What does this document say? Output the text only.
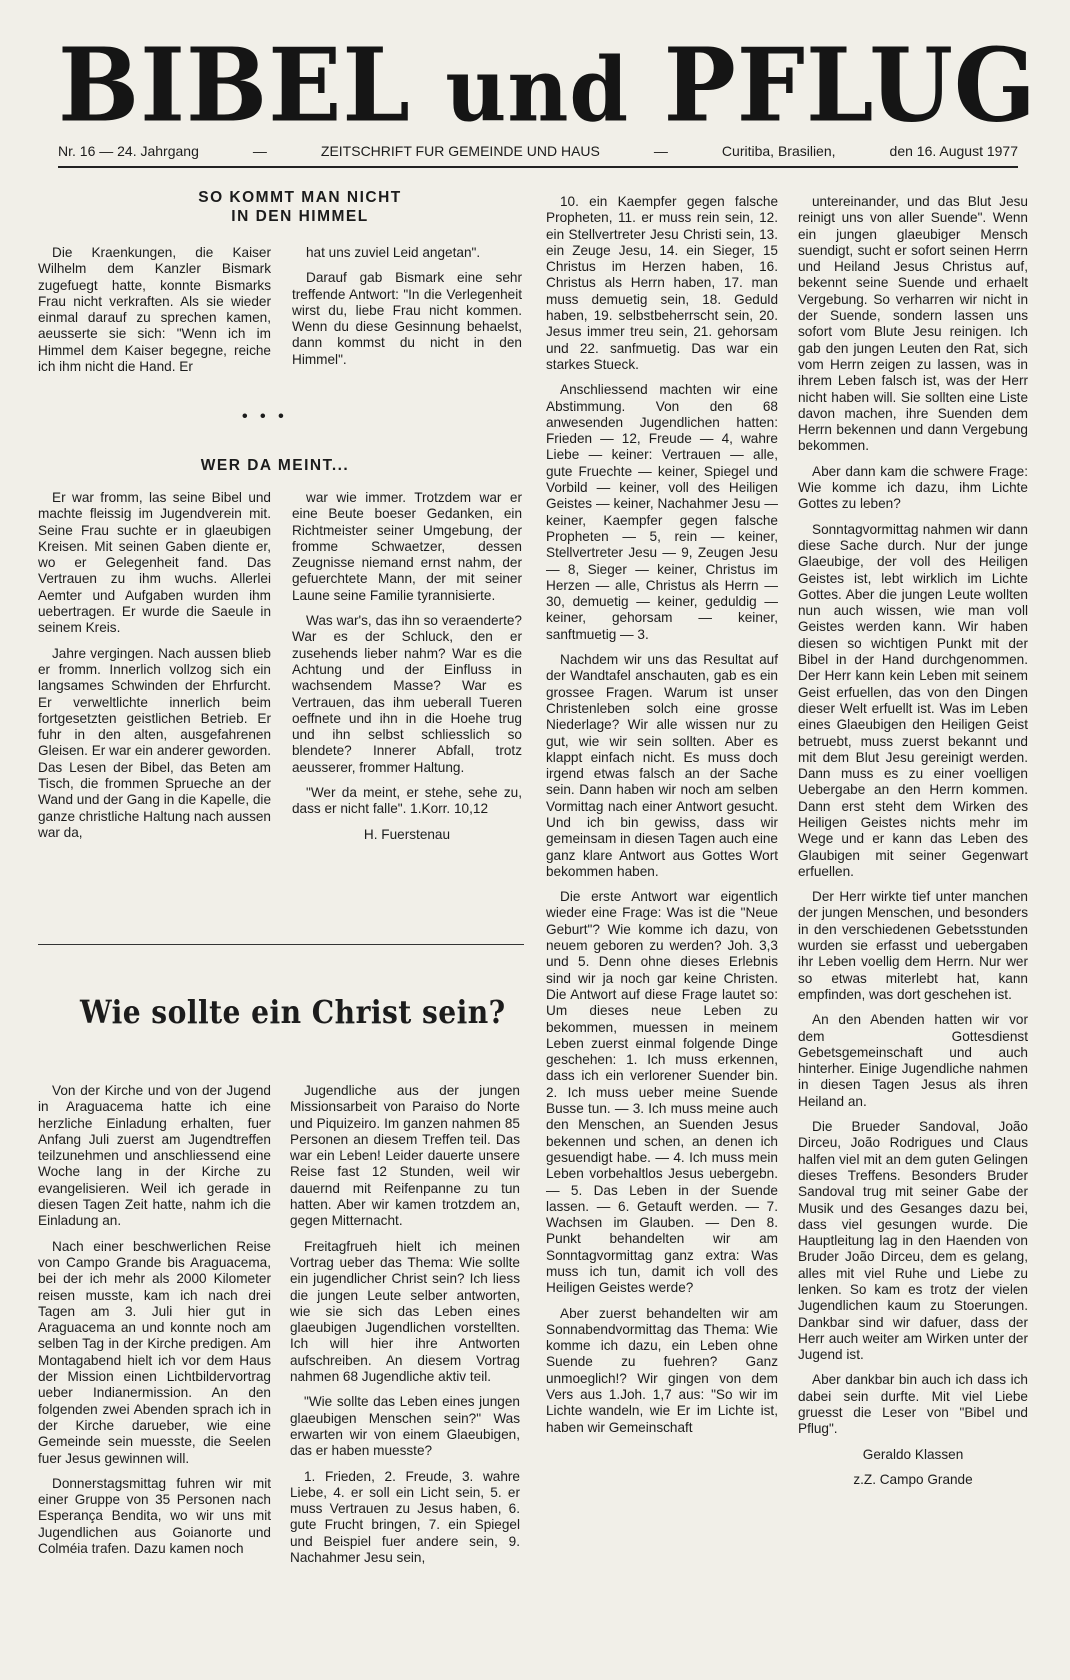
BIBEL und PFLUG
Nr. 16 — 24. Jahrgang	—	ZEITSCHRIFT FUR GEMEINDE UND HAUS	—	Curitiba, Brasilien,	den 16. August 1977
SO KOMMT MAN NICHT
IN DEN HIMMEL

Die Kraenkungen, die Kaiser Wilhelm dem Kanzler Bismark zugefuegt hatte, konnte Bismarks Frau nicht verkraften. Als sie wieder einmal darauf zu sprechen kamen, aeusserte sie sich: "Wenn ich im Himmel dem Kaiser begegne, reiche ich ihm nicht die Hand. Er

hat uns zuviel Leid angetan".

Darauf gab Bismark eine sehr treffende Antwort: "In die Verlegenheit wirst du, liebe Frau nicht kommen. Wenn du diese Gesinnung behaelst, dann kommst du nicht in den Himmel".

• • •
WER DA MEINT...

Er war fromm, las seine Bibel und machte fleissig im Jugendverein mit. Seine Frau suchte er in glaeubigen Kreisen. Mit seinen Gaben diente er, wo er Gelegenheit fand. Das Vertrauen zu ihm wuchs. Allerlei Aemter und Aufgaben wurden ihm uebertragen. Er wurde die Saeule in seinem Kreis.

Jahre vergingen. Nach aussen blieb er fromm. Innerlich vollzog sich ein langsames Schwinden der Ehrfurcht. Er verweltlichte innerlich beim fortgesetzten geistlichen Betrieb. Er fuhr in den alten, ausgefahrenen Gleisen. Er war ein anderer geworden. Das Lesen der Bibel, das Beten am Tisch, die frommen Sprueche an der Wand und der Gang in die Kapelle, die ganze christliche Haltung nach aussen war da,

war wie immer. Trotzdem war er eine Beute boeser Gedanken, ein Richtmeister seiner Umgebung, der fromme Schwaetzer, dessen Zeugnisse niemand ernst nahm, der gefuerchtete Mann, der mit seiner Laune seine Familie tyrannisierte.

Was war's, das ihn so veraenderte? War es der Schluck, den er zusehends lieber nahm? War es die Achtung und der Einfluss in wachsendem Masse? War es Vertrauen, das ihm ueberall Tueren oeffnete und ihn in die Hoehe trug und ihn selbst schliesslich so blendete? Innerer Abfall, trotz aeusserer, frommer Haltung.

"Wer da meint, er stehe, sehe zu, dass er nicht falle". 1.Korr. 10,12

H. Fuerstenau

Wie sollte ein Christ sein?

Von der Kirche und von der Jugend in Araguacema hatte ich eine herzliche Einladung erhalten, fuer Anfang Juli zuerst am Jugendtreffen teilzunehmen und anschliessend eine Woche lang in der Kirche zu evangelisieren. Weil ich gerade in diesen Tagen Zeit hatte, nahm ich die Einladung an.

Nach einer beschwerlichen Reise von Campo Grande bis Araguacema, bei der ich mehr als 2000 Kilometer reisen musste, kam ich nach drei Tagen am 3. Juli hier gut in Araguacema an und konnte noch am selben Tag in der Kirche predigen. Am Montagabend hielt ich vor dem Haus der Mission einen Lichtbildervortrag ueber Indianermission. An den folgenden zwei Abenden sprach ich in der Kirche darueber, wie eine Gemeinde sein muesste, die Seelen fuer Jesus gewinnen will.

Donnerstagsmittag fuhren wir mit einer Gruppe von 35 Personen nach Esperança Bendita, wo wir uns mit Jugendlichen aus Goianorte und Colméia trafen. Dazu kamen noch

Jugendliche aus der jungen Missionsarbeit von Paraiso do Norte und Piquizeiro. Im ganzen nahmen 85 Personen an diesem Treffen teil. Das war ein Leben! Leider dauerte unsere Reise fast 12 Stunden, weil wir dauernd mit Reifenpanne zu tun hatten. Aber wir kamen trotzdem an, gegen Mitternacht.

Freitagfrueh hielt ich meinen Vortrag ueber das Thema: Wie sollte ein jugendlicher Christ sein? Ich liess die jungen Leute selber antworten, wie sie sich das Leben eines glaeubigen Jugendlichen vorstellten. Ich will hier ihre Antworten aufschreiben. An diesem Vortrag nahmen 68 Jugendliche aktiv teil.

"Wie sollte das Leben eines jungen glaeubigen Menschen sein?" Was erwarten wir von einem Glaeubigen, das er haben muesste?

1. Frieden, 2. Freude, 3. wahre Liebe, 4. er soll ein Licht sein, 5. er muss Vertrauen zu Jesus haben, 6. gute Frucht bringen, 7. ein Spiegel und Beispiel fuer andere sein, 9. Nachahmer Jesu sein,

10. ein Kaempfer gegen falsche Propheten, 11. er muss rein sein, 12. ein Stellvertreter Jesu Christi sein, 13. ein Zeuge Jesu, 14. ein Sieger, 15 Christus im Herzen haben, 16. Christus als Herrn haben, 17. man muss demuetig sein, 18. Geduld haben, 19. selbstbeherrscht sein, 20. Jesus immer treu sein, 21. gehorsam und 22. sanfmuetig. Das war ein starkes Stueck.

Anschliessend machten wir eine Abstimmung. Von den 68 anwesenden Jugendlichen hatten: Frieden — 12, Freude — 4, wahre Liebe — keiner: Vertrauen — alle, gute Fruechte — keiner, Spiegel und Vorbild — keiner, voll des Heiligen Geistes — keiner, Nachahmer Jesu — keiner, Kaempfer gegen falsche Propheten — 5, rein — keiner, Stellvertreter Jesu — 9, Zeugen Jesu — 8, Sieger — keiner, Christus im Herzen — alle, Christus als Herrn — 30, demuetig — keiner, geduldig — keiner, gehorsam — keiner, sanftmuetig — 3.

Nachdem wir uns das Resultat auf der Wandtafel anschauten, gab es ein grossee Fragen. Warum ist unser Christenleben solch eine grosse Niederlage? Wir alle wissen nur zu gut, wie wir sein sollten. Aber es klappt einfach nicht. Es muss doch irgend etwas falsch an der Sache sein. Dann haben wir noch am selben Vormittag nach einer Antwort gesucht. Und ich bin gewiss, dass wir gemeinsam in diesen Tagen auch eine ganz klare Antwort aus Gottes Wort bekommen haben.

Die erste Antwort war eigentlich wieder eine Frage: Was ist die "Neue Geburt"? Wie komme ich dazu, von neuem geboren zu werden? Joh. 3,3 und 5. Denn ohne dieses Erlebnis sind wir ja noch gar keine Christen. Die Antwort auf diese Frage lautet so: Um dieses neue Leben zu bekommen, muessen in meinem Leben zuerst einmal folgende Dinge geschehen: 1. Ich muss erkennen, dass ich ein verlorener Suender bin. 2. Ich muss ueber meine Suende Busse tun. — 3. Ich muss meine auch den Menschen, an Suenden Jesus bekennen und schen, an denen ich gesuendigt habe. — 4. Ich muss mein Leben vorbehaltlos Jesus uebergebn. — 5. Das Leben in der Suende lassen. — 6. Getauft werden. — 7. Wachsen im Glauben. — Den 8. Punkt behandelten wir am Sonntagvormittag ganz extra: Was muss ich tun, damit ich voll des Heiligen Geistes werde?

Aber zuerst behandelten wir am Sonnabendvormittag das Thema: Wie komme ich dazu, ein Leben ohne Suende zu fuehren? Ganz unmoeglich!? Wir gingen von dem Vers aus 1.Joh. 1,7 aus: "So wir im Lichte wandeln, wie Er im Lichte ist, haben wir Gemeinschaft

untereinander, und das Blut Jesu reinigt uns von aller Suende". Wenn ein jungen glaeubiger Mensch suendigt, sucht er sofort seinen Herrn und Heiland Jesus Christus auf, bekennt seine Suende und erhaelt Vergebung. So verharren wir nicht in der Suende, sondern lassen uns sofort vom Blute Jesu reinigen. Ich gab den jungen Leuten den Rat, sich vom Herrn zeigen zu lassen, was in ihrem Leben falsch ist, was der Herr nicht haben will. Sie sollten eine Liste davon machen, ihre Suenden dem Herrn bekennen und dann Vergebung bekommen.

Aber dann kam die schwere Frage: Wie komme ich dazu, ihm Lichte Gottes zu leben?

Sonntagvormittag nahmen wir dann diese Sache durch. Nur der junge Glaeubige, der voll des Heiligen Geistes ist, lebt wirklich im Lichte Gottes. Aber die jungen Leute wollten nun auch wissen, wie man voll Geistes werden kann. Wir haben diesen so wichtigen Punkt mit der Bibel in der Hand durchgenommen. Der Herr kann kein Leben mit seinem Geist erfuellen, das von den Dingen dieser Welt erfuellt ist. Was im Leben eines Glaeubigen den Heiligen Geist betruebt, muss zuerst bekannt und mit dem Blut Jesu gereinigt werden. Dann muss es zu einer voelligen Uebergabe an den Herrn kommen. Dann erst steht dem Wirken des Heiligen Geistes nichts mehr im Wege und er kann das Leben des Glaubigen mit seiner Gegenwart erfuellen.

Der Herr wirkte tief unter manchen der jungen Menschen, und besonders in den verschiedenen Gebetsstunden wurden sie erfasst und uebergaben ihr Leben voellig dem Herrn. Nur wer so etwas miterlebt hat, kann empfinden, was dort geschehen ist.

An den Abenden hatten wir vor dem Gottesdienst Gebetsgemeinschaft und auch hinterher. Einige Jugendliche nahmen in diesen Tagen Jesus als ihren Heiland an.

Die Brueder Sandoval, João Dirceu, João Rodrigues und Claus halfen viel mit an dem guten Gelingen dieses Treffens. Besonders Bruder Sandoval trug mit seiner Gabe der Musik und des Gesanges dazu bei, dass viel gesungen wurde. Die Hauptleitung lag in den Haenden von Bruder João Dirceu, dem es gelang, alles mit viel Ruhe und Liebe zu lenken. So kam es trotz der vielen Jugendlichen kaum zu Stoerungen. Dankbar sind wir dafuer, dass der Herr auch weiter am Wirken unter der Jugend ist.

Aber dankbar bin auch ich dass ich dabei sein durfte. Mit viel Liebe gruesst die Leser von "Bibel und Pflug".

Geraldo Klassen

z.Z. Campo Grande
